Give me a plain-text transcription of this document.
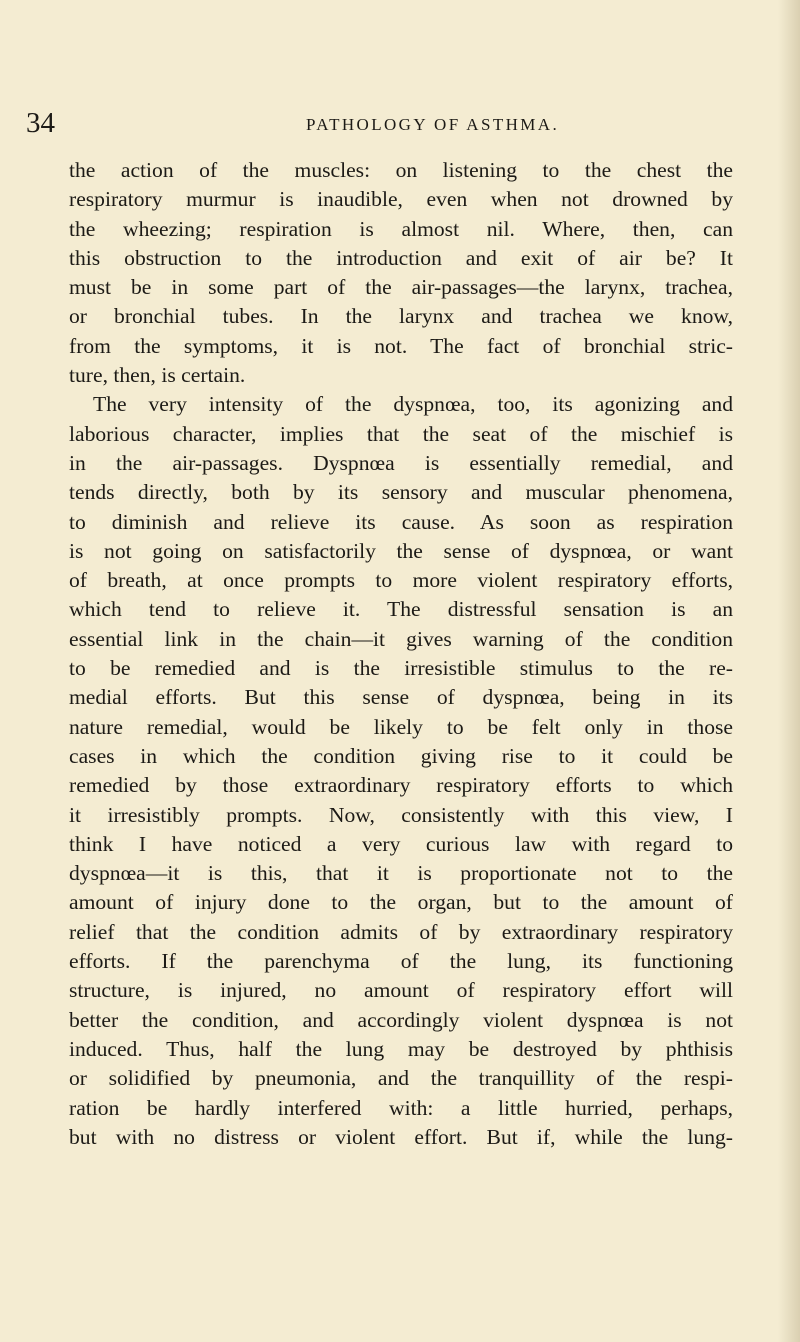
34	PATHOLOGY OF ASTHMA.
the action of the muscles: on listening to the chest the
respiratory murmur is inaudible, even when not drowned by
the wheezing; respiration is almost nil. Where, then, can
this obstruction to the introduction and exit of air be? It
must be in some part of the air-passages—the larynx, trachea,
or bronchial tubes. In the larynx and trachea we know,
from the symptoms, it is not. The fact of bronchial stric-
ture, then, is certain.
The very intensity of the dyspnœa, too, its agonizing and
laborious character, implies that the seat of the mischief is
in the air-passages. Dyspnœa is essentially remedial, and
tends directly, both by its sensory and muscular phenomena,
to diminish and relieve its cause. As soon as respiration
is not going on satisfactorily the sense of dyspnœa, or want
of breath, at once prompts to more violent respiratory efforts,
which tend to relieve it. The distressful sensation is an
essential link in the chain—it gives warning of the condition
to be remedied and is the irresistible stimulus to the re-
medial efforts. But this sense of dyspnœa, being in its
nature remedial, would be likely to be felt only in those
cases in which the condition giving rise to it could be
remedied by those extraordinary respiratory efforts to which
it irresistibly prompts. Now, consistently with this view, I
think I have noticed a very curious law with regard to
dyspnœa—it is this, that it is proportionate not to the
amount of injury done to the organ, but to the amount of
relief that the condition admits of by extraordinary respiratory
efforts. If the parenchyma of the lung, its functioning
structure, is injured, no amount of respiratory effort will
better the condition, and accordingly violent dyspnœa is not
induced. Thus, half the lung may be destroyed by phthisis
or solidified by pneumonia, and the tranquillity of the respi-
ration be hardly interfered with: a little hurried, perhaps,
but with no distress or violent effort. But if, while the lung-
